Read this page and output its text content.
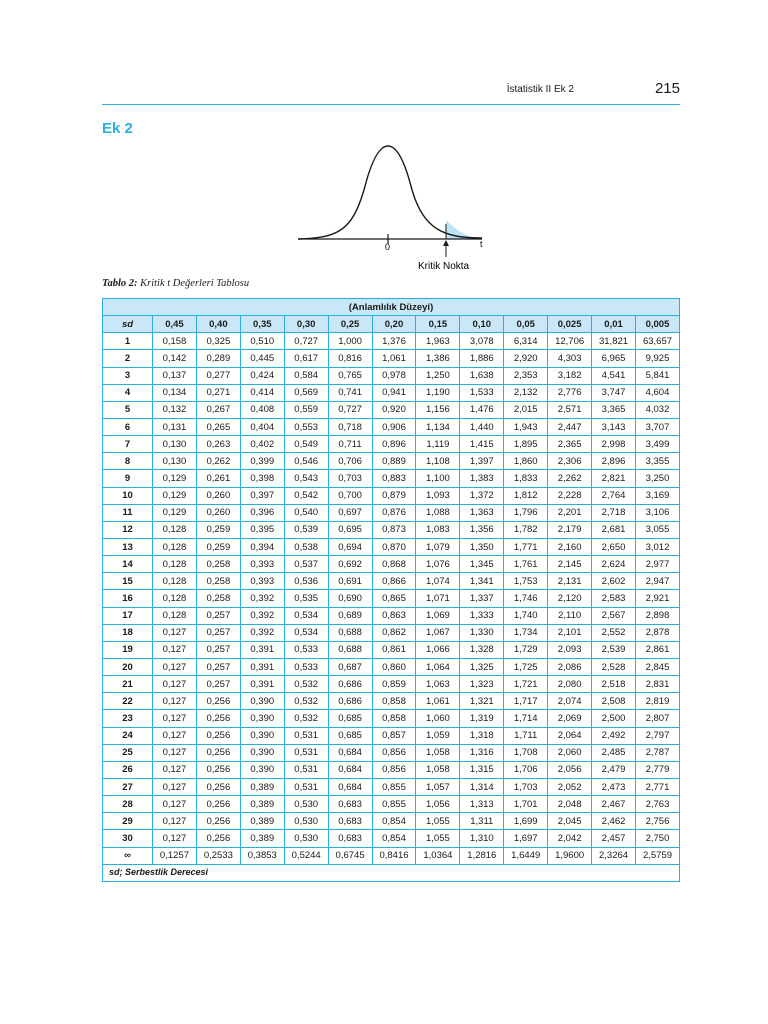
İstatistik II Ek 2	215
Ek 2
0	t
Kritik Nokta
Tablo 2: Kritik t Değerleri Tablosu
(Anlamlılık Düzeyi)												
sd	0,45	0,40	0,35	0,30	0,25	0,20	0,15	0,10	0,05	0,025	0,01	0,005
1	0,158	0,325	0,510	0,727	1,000	1,376	1,963	3,078	6,314	12,706	31,821	63,657
2	0,142	0,289	0,445	0,617	0,816	1,061	1,386	1,886	2,920	4,303	6,965	9,925
3	0,137	0,277	0,424	0,584	0,765	0,978	1,250	1,638	2,353	3,182	4,541	5,841
4	0,134	0,271	0,414	0,569	0,741	0,941	1,190	1,533	2,132	2,776	3,747	4,604
5	0,132	0,267	0,408	0,559	0,727	0,920	1,156	1,476	2,015	2,571	3,365	4,032
6	0,131	0,265	0,404	0,553	0,718	0,906	1,134	1,440	1,943	2,447	3,143	3,707
7	0,130	0,263	0,402	0,549	0,711	0,896	1,119	1,415	1,895	2,365	2,998	3,499
8	0,130	0,262	0,399	0,546	0,706	0,889	1,108	1,397	1,860	2,306	2,896	3,355
9	0,129	0,261	0,398	0,543	0,703	0,883	1,100	1,383	1,833	2,262	2,821	3,250
10	0,129	0,260	0,397	0,542	0,700	0,879	1,093	1,372	1,812	2,228	2,764	3,169
11	0,129	0,260	0,396	0,540	0,697	0,876	1,088	1,363	1,796	2,201	2,718	3,106
12	0,128	0,259	0,395	0,539	0,695	0,873	1,083	1,356	1,782	2,179	2,681	3,055
13	0,128	0,259	0,394	0,538	0,694	0,870	1,079	1,350	1,771	2,160	2,650	3,012
14	0,128	0,258	0,393	0,537	0,692	0,868	1,076	1,345	1,761	2,145	2,624	2,977
15	0,128	0,258	0,393	0,536	0,691	0,866	1,074	1,341	1,753	2,131	2,602	2,947
16	0,128	0,258	0,392	0,535	0,690	0,865	1,071	1,337	1,746	2,120	2,583	2,921
17	0,128	0,257	0,392	0,534	0,689	0,863	1,069	1,333	1,740	2,110	2,567	2,898
18	0,127	0,257	0,392	0,534	0,688	0,862	1,067	1,330	1,734	2,101	2,552	2,878
19	0,127	0,257	0,391	0,533	0,688	0,861	1,066	1,328	1,729	2,093	2,539	2,861
20	0,127	0,257	0,391	0,533	0,687	0,860	1,064	1,325	1,725	2,086	2,528	2,845
21	0,127	0,257	0,391	0,532	0,686	0,859	1,063	1,323	1,721	2,080	2,518	2,831
22	0,127	0,256	0,390	0,532	0,686	0,858	1,061	1,321	1,717	2,074	2,508	2,819
23	0,127	0,256	0,390	0,532	0,685	0,858	1,060	1,319	1,714	2,069	2,500	2,807
24	0,127	0,256	0,390	0,531	0,685	0,857	1,059	1,318	1,711	2,064	2,492	2,797
25	0,127	0,256	0,390	0,531	0,684	0,856	1,058	1,316	1,708	2,060	2,485	2,787
26	0,127	0,256	0,390	0,531	0,684	0,856	1,058	1,315	1,706	2,056	2,479	2,779
27	0,127	0,256	0,389	0,531	0,684	0,855	1,057	1,314	1,703	2,052	2,473	2,771
28	0,127	0,256	0,389	0,530	0,683	0,855	1,056	1,313	1,701	2,048	2,467	2,763
29	0,127	0,256	0,389	0,530	0,683	0,854	1,055	1,311	1,699	2,045	2,462	2,756
30	0,127	0,256	0,389	0,530	0,683	0,854	1,055	1,310	1,697	2,042	2,457	2,750
∞	0,1257	0,2533	0,3853	0,5244	0,6745	0,8416	1,0364	1,2816	1,6449	1,9600	2,3264	2,5759
sd; Serbestlik Derecesi												
